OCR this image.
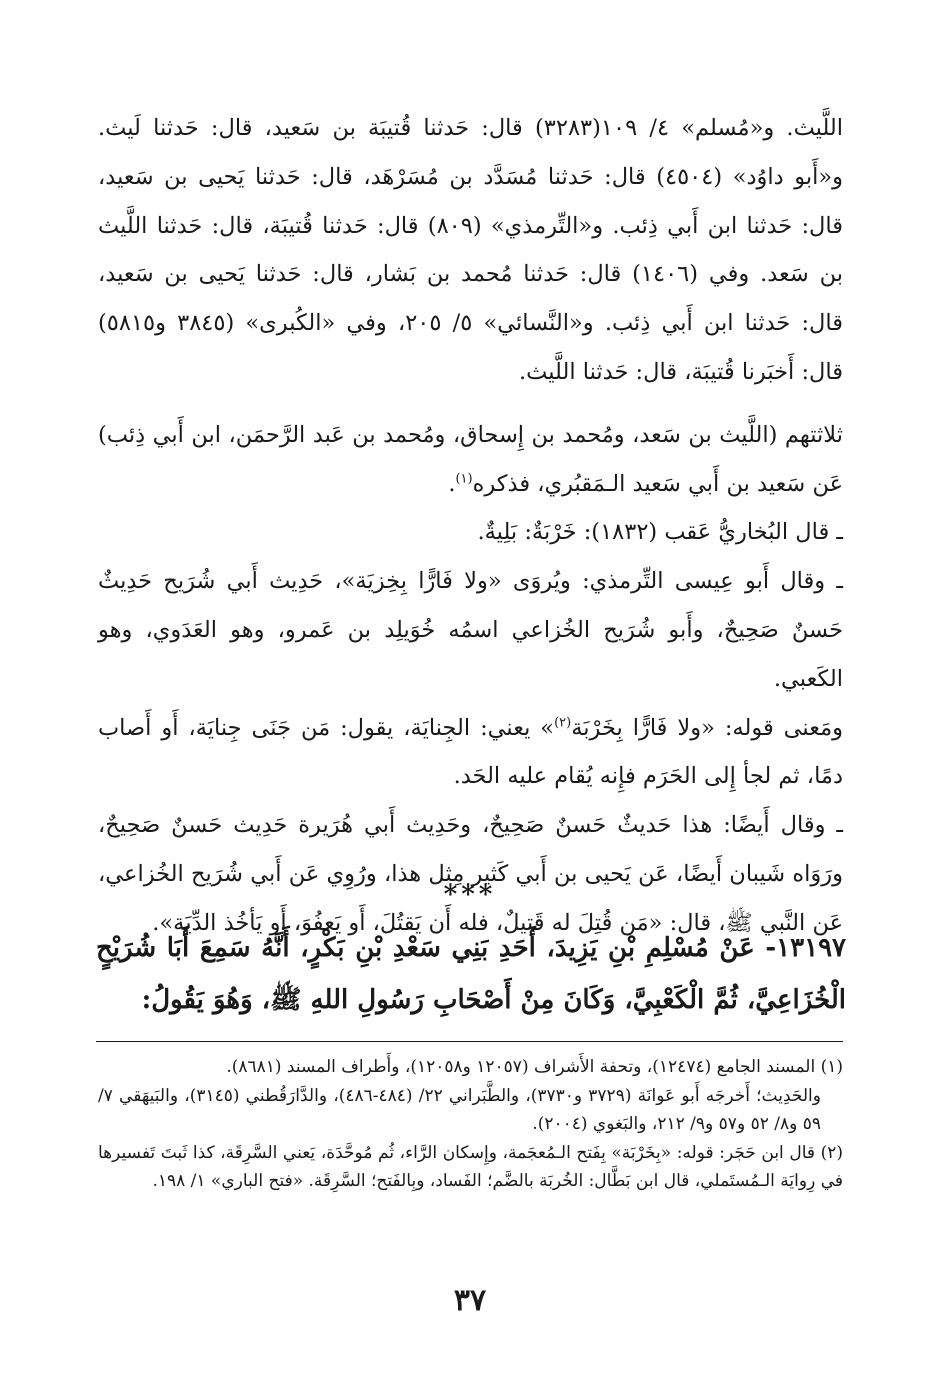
اللَّيث. و«مُسلم» ٤/ ١٠٩(٣٢٨٣) قال: حَدثنا قُتيبَة بن سَعيد، قال: حَدثنا لَيث. و«أَبو داوُد» (٤٥٠٤) قال: حَدثنا مُسَدَّد بن مُسَرْهَد، قال: حَدثنا يَحيى بن سَعيد، قال: حَدثنا ابن أَبي ذِئب. و«التِّرمذي» (٨٠٩) قال: حَدثنا قُتيبَة، قال: حَدثنا اللَّيث بن سَعد. وفي (١٤٠٦) قال: حَدثنا مُحمد بن بَشار، قال: حَدثنا يَحيى بن سَعيد، قال: حَدثنا ابن أَبي ذِئب. و«النَّسائي» ٥/ ٢٠٥، وفي «الكُبرى» (٣٨٤٥ و٥٨١٥) قال: أَخبَرنا قُتيبَة، قال: حَدثنا اللَّيث.

ثلاثتهم (اللَّيث بن سَعد، ومُحمد بن إِسحاق، ومُحمد بن عَبد الرَّحمَن، ابن أَبي ذِئب) عَن سَعيد بن أَبي سَعيد الـمَقبُري، فذكره$^{(١)}$.

ـ قال البُخاريُّ عَقب (١٨٣٢): خَرْبَةٌ: بَلِيةٌ.

ـ وقال أَبو عِيسى التِّرمذي: ويُروَى «ولا فَارًّا بِخِزيَة»، حَدِيث أَبي شُرَيح حَدِيثٌ حَسنٌ صَحِيحٌ، وأَبو شُرَيح الخُزاعي اسمُه خُوَيلِد بن عَمرو، وهو العَدَوي، وهو الكَعبي.

ومَعنى قوله: «ولا فَارًّا بِخَرْبَة$^{(٢)}$» يعني: الجِنايَة، يقول: مَن جَنَى جِنايَة، أَو أَصاب دمًا، ثم لجأ إِلى الحَرَم فإِنه يُقام عليه الحَد.

ـ وقال أَيضًا: هذا حَديثٌ حَسنٌ صَحِيحٌ، وحَدِيث أَبي هُرَيرة حَدِيث حَسنٌ صَحِيحٌ، ورَوَاه شَيبان أَيضًا، عَن يَحيى بن أَبي كَثير مِثل هذا، ورُوِي عَن أَبي شُرَيح الخُزاعي، عَن النَّبي ﷺ، قال: «مَن قُتِلَ له قَتيلٌ، فله أَن يَقتُلَ، أَو يَعفُوَ، أَو يَأخُذ الدِّيَة».

***

١٣١٩٧- عَنْ مُسْلِمِ بْنِ يَزِيدَ، أَحَدِ بَنِي سَعْدِ بْنِ بَكْرٍ، أَنَّهُ سَمِعَ أَبَا شُرَيْحٍ الْخُزَاعِيَّ، ثُمَّ الْكَعْبِيَّ، وَكَانَ مِنْ أَصْحَابِ رَسُولِ اللهِ ﷺ، وَهُوَ يَقُولُ:

(١) المسند الجامع (١٢٤٧٤)، وتحفة الأَشراف (١٢٠٥٧ و١٢٠٥٨)، وأَطراف المسند (٨٦٨١).

والحَدِيث؛ أَخرجَه أَبو عَوانَة (٣٧٢٩ و٣٧٣٠)، والطَّبَراني ٢٢/ (٤٨٤-٤٨٦)، والدَّارَقُطني (٣١٤٥)، والبَيهَقي ٧/ ٥٩ و٨/ ٥٢ و٥٧ و٩/ ٢١٢، والبَغوي (٢٠٠٤).

(٢) قال ابن حَجَر: قوله: «بِخَرْبَة» بِفَتح الـمُعجَمة، وإِسكان الرَّاء، ثُم مُوحَّدَة، يَعني السَّرِقَة، كذا ثَبتَ تَفسيرها في رِوايَة الـمُستَملي، قال ابن بَطَّال: الخُربَة بالضَّم؛ الفَساد، وبِالفَتح؛ السَّرِقَة. «فتح الباري» ١/ ١٩٨.

٣٧
